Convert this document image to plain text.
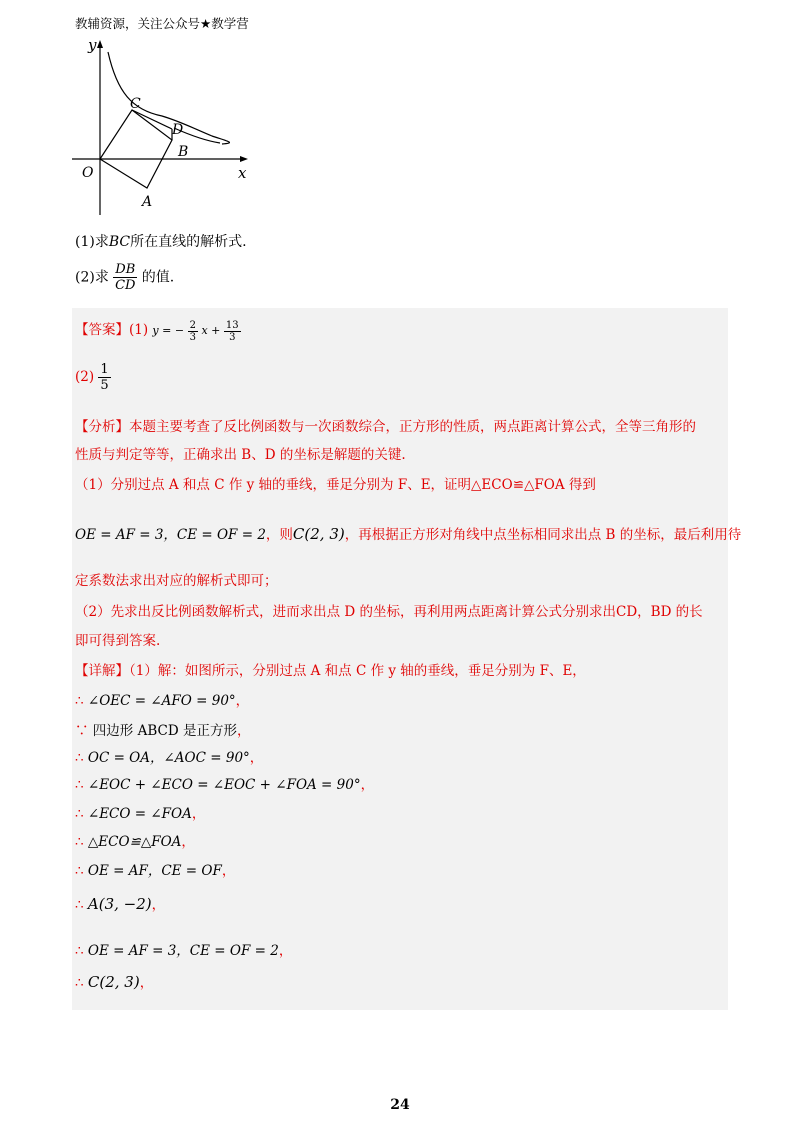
教辅资源，关注公众号★教学营
y
x
O
A
B
C
D
(1)求BC所在直线的解析式.
(2)求 $\frac{DB}{CD}$ 的值.
【答案】(1) y = − $\frac{2}{3}$ $x + \frac{13}{3}$
$(2) \frac{1}{5}$
【分析】本题主要考查了反比例函数与一次函数综合，正方形的性质，两点距离计算公式，全等三角形的
性质与判定等等，正确求出 B、D 的坐标是解题的关键.
（1）分别过点 A 和点 C 作 y 轴的垂线，垂足分别为 F、E，证明△ECO≌△FOA 得到
OE = AF = 3，CE = OF = 2，则C(2, 3)，再根据正方形对角线中点坐标相同求出点 B 的坐标，最后利用待
定系数法求出对应的解析式即可；
（2）先求出反比例函数解析式，进而求出点 D 的坐标，再利用两点距离计算公式分别求出CD，BD 的长
即可得到答案.
【详解】（1）解：如图所示，分别过点 A 和点 C 作 y 轴的垂线，垂足分别为 F、E，
∴ ∠OEC = ∠AFO = 90°，
∵ 四边形 ABCD 是正方形，
∴ OC = OA，∠AOC = 90°，
∴ ∠EOC + ∠ECO = ∠EOC + ∠FOA = 90°，
∴ ∠ECO = ∠FOA，
∴ △ECO≌△FOA，
∴ OE = AF，CE = OF，
∴ A(3, −2)，
∴ OE = AF = 3，CE = OF = 2，
∴ C(2, 3)，
24
